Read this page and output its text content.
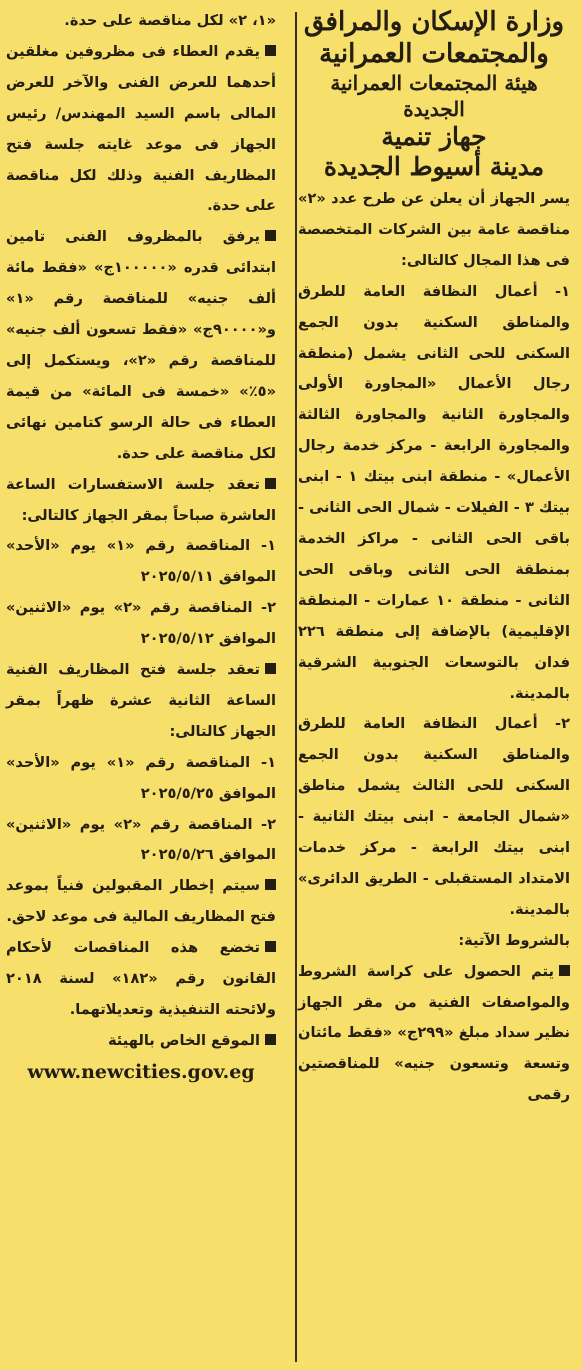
وزارة الإسكان والمرافق والمجتمعات العمرانية

هيئة المجتمعات العمرانية الجديدة

جهاز تنمية

مدينة أسيوط الجديدة

يسر الجهاز أن يعلن عن طرح عدد «٢» مناقصة عامة بين الشركات المتخصصة فى هذا المجال كالتالى:

١- أعمال النظافة العامة للطرق والمناطق السكنية بدون الجمع السكنى للحى الثانى يشمل (منطقة رجال الأعمال «المجاورة الأولى والمجاورة الثانية والمجاورة الثالثة والمجاورة الرابعة - مركز خدمة رجال الأعمال» - منطقة ابنى بيتك ١ - ابنى بيتك ٣ - الفيلات - شمال الحى الثانى - باقى الحى الثانى - مراكز الخدمة بمنطقة الحى الثانى وباقى الحى الثانى - منطقة ١٠ عمارات - المنطقة الإقليمية) بالإضافة إلى منطقة ٢٢٦ فدان بالتوسعات الجنوبية الشرقية بالمدينة.

٢- أعمال النظافة العامة للطرق والمناطق السكنية بدون الجمع السكنى للحى الثالث يشمل مناطق «شمال الجامعة - ابنى بيتك الثانية - ابنى بيتك الرابعة - مركز خدمات الامتداد المستقبلى - الطريق الدائرى» بالمدينة.

بالشروط الآتية:

يتم الحصول على كراسة الشروط والمواصفات الفنية من مقر الجهاز نظير سداد مبلغ «٢٩٩ج» «فقط مائتان وتسعة وتسعون جنيه» للمناقصتين رقمى

«١، ٢» لكل مناقصة على حدة.

يقدم العطاء فى مظروفين مغلقين أحدهما للعرض الفنى والآخر للعرض المالى باسم السيد المهندس/ رئيس الجهاز فى موعد غايته جلسة فتح المظاريف الفنية وذلك لكل مناقصة على حدة.

يرفق بالمظروف الفنى تامين ابتدائى قدره «١٠٠٠٠٠ج» «فقط مائة ألف جنيه» للمناقصة رقم «١» و«٩٠٠٠٠ج» «فقط تسعون ألف جنيه» للمناقصة رقم «٢»، ويستكمل إلى «٥٪» «خمسة فى المائة» من قيمة العطاء فى حالة الرسو كتامين نهائى لكل مناقصة على حدة.

تعقد جلسة الاستفسارات الساعة العاشرة صباحاً بمقر الجهاز كالتالى:

١- المناقصة رقم «١» يوم «الأحد» الموافق ٢٠٢٥/٥/١١

٢- المناقصة رقم «٢» يوم «الاثنين» الموافق ٢٠٢٥/٥/١٢

تعقد جلسة فتح المظاريف الفنية الساعة الثانية عشرة ظهراً بمقر الجهاز كالتالى:

١- المناقصة رقم «١» يوم «الأحد» الموافق ٢٠٢٥/٥/٢٥

٢- المناقصة رقم «٢» يوم «الاثنين» الموافق ٢٠٢٥/٥/٢٦

سيتم إخطار المقبولين فنياً بموعد فتح المظاريف المالية فى موعد لاحق.

تخضع هذه المناقصات لأحكام القانون رقم «١٨٢» لسنة ٢٠١٨ ولائحته التنفيذية وتعديلاتهما.

الموقع الخاص بالهيئة

www.newcities.gov.eg
